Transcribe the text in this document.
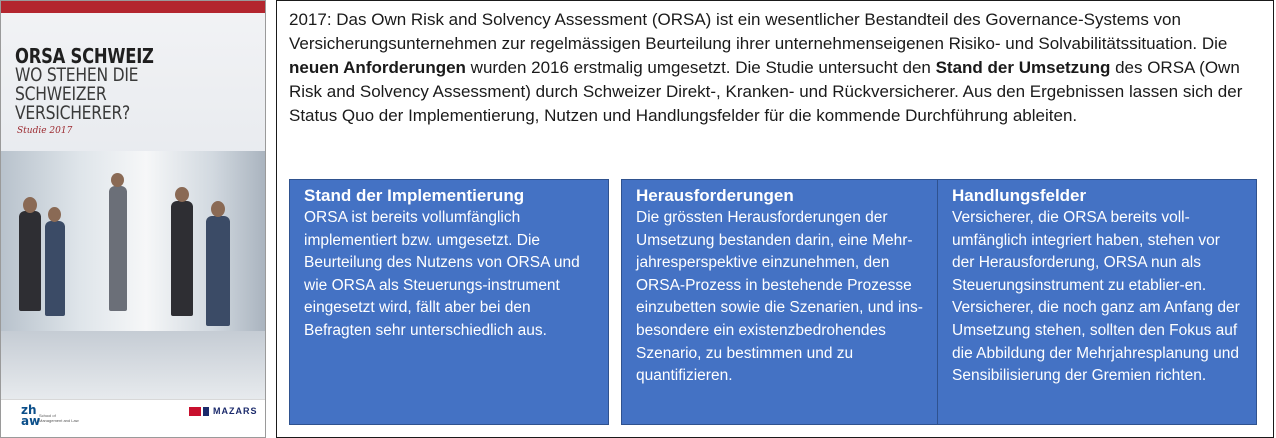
ORSA SCHWEIZ
WO STEHEN DIE SCHWEIZER
VERSICHERER?
Studie 2017
zh
aw
School of
Management and Law
MAZARS
2017: Das Own Risk and Solvency Assessment (ORSA) ist ein wesentlicher Bestandteil des Governance-Systems von Versicherungsunternehmen zur regelmässigen Beurteilung ihrer unternehmenseigenen Risiko- und Solvabilitätssituation. Die neuen Anforderungen wurden 2016 erstmalig umgesetzt. Die Studie untersucht den Stand der Umsetzung des ORSA (Own Risk and Solvency Assessment) durch Schweizer Direkt-, Kranken- und Rückversicherer. Aus den Ergebnissen lassen sich der Status Quo der Implementierung, Nutzen und Handlungsfelder für die kommende Durchführung ableiten.
Stand der Implementierung

ORSA ist bereits vollumfänglich implementiert bzw. umgesetzt. Die Beurteilung des Nutzens von ORSA und wie ORSA als Steuerungs-instrument eingesetzt wird, fällt aber bei den Befragten sehr unterschiedlich aus.

Herausforderungen

Die grössten Herausforderungen der Umsetzung bestanden darin, eine Mehr-jahresperspektive einzunehmen, den ORSA-Prozess in bestehende Prozesse einzubetten sowie die Szenarien, und ins-besondere ein existenzbedrohendes Szenario, zu bestimmen und zu quantifizieren.

Handlungsfelder

Versicherer, die ORSA bereits voll-umfänglich integriert haben, stehen vor der Herausforderung, ORSA nun als Steuerungsinstrument zu etablier-en. Versicherer, die noch ganz am Anfang der Umsetzung stehen, sollten den Fokus auf die Abbildung der Mehrjahresplanung und Sensibilisierung der Gremien richten.
